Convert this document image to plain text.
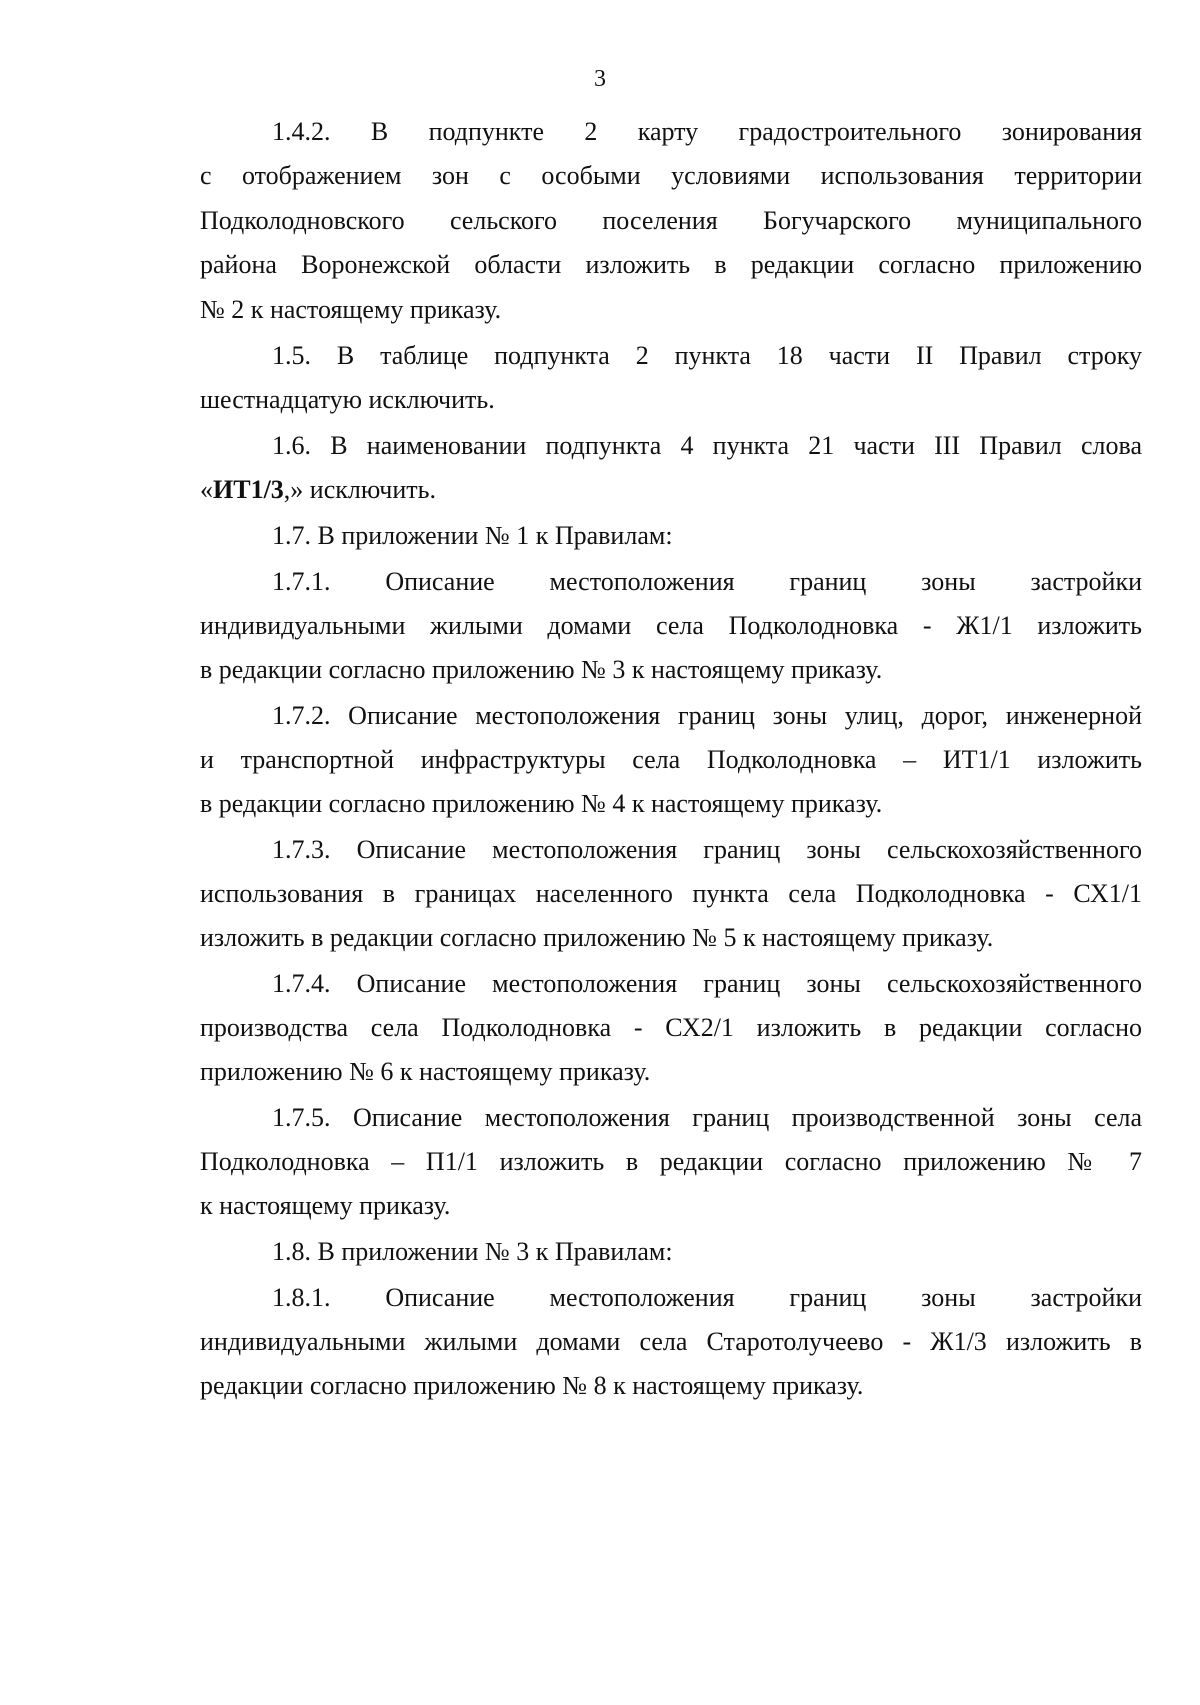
3
1.4.2. В подпункте 2 карту градостроительного зонирования
с отображением зон с особыми условиями использования территории
Подколодновского сельского поселения Богучарского муниципального
района Воронежской области изложить в редакции согласно приложению
№ 2 к настоящему приказу.
1.5. В таблице подпункта 2 пункта 18 части II Правил строку
шестнадцатую исключить.
1.6. В наименовании подпункта 4 пункта 21 части III Правил слова
«ИТ1/3,» исключить.
1.7. В приложении № 1 к Правилам:
1.7.1. Описание местоположения границ зоны застройки
индивидуальными жилыми домами села Подколодновка - Ж1/1 изложить
в редакции согласно приложению № 3 к настоящему приказу.
1.7.2. Описание местоположения границ зоны улиц, дорог, инженерной
и транспортной инфраструктуры села Подколодновка – ИТ1/1 изложить
в редакции согласно приложению № 4 к настоящему приказу.
1.7.3. Описание местоположения границ зоны сельскохозяйственного
использования в границах населенного пункта села Подколодновка - СХ1/1
изложить в редакции согласно приложению № 5 к настоящему приказу.
1.7.4. Описание местоположения границ зоны сельскохозяйственного
производства села Подколодновка - СХ2/1 изложить в редакции согласно
приложению № 6 к настоящему приказу.
1.7.5. Описание местоположения границ производственной зоны села
Подколодновка – П1/1 изложить в редакции согласно приложению № 7
к настоящему приказу.
1.8. В приложении № 3 к Правилам:
1.8.1. Описание местоположения границ зоны застройки
индивидуальными жилыми домами села Старотолучеево - Ж1/3 изложить в
редакции согласно приложению № 8 к настоящему приказу.
